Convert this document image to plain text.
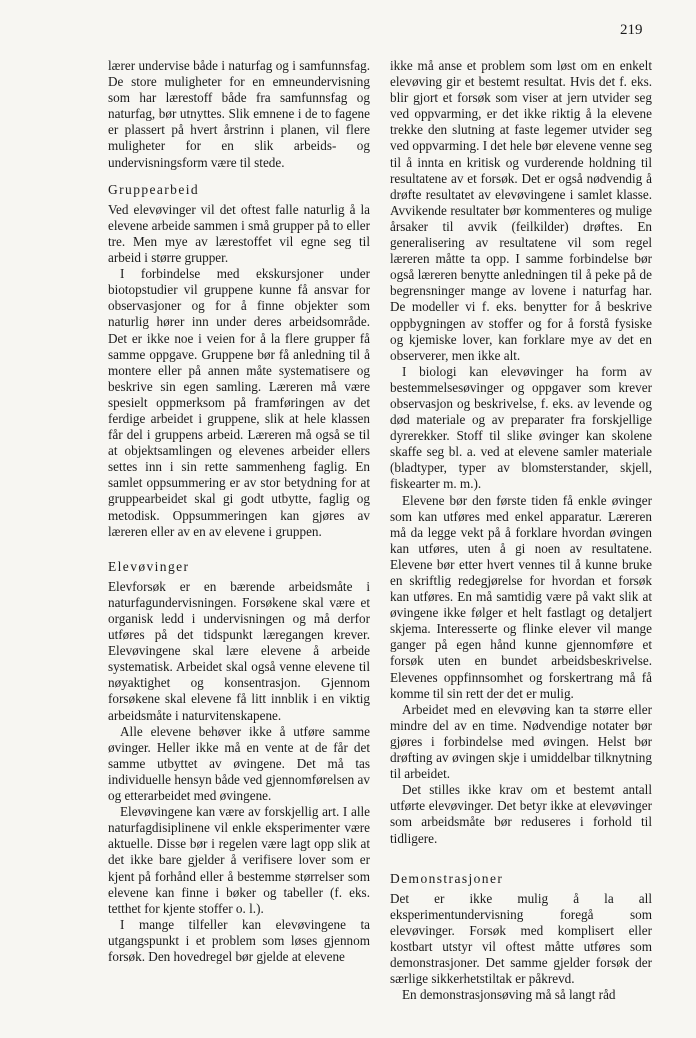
219

lærer undervise både i naturfag og i samfunnsfag. De store muligheter for en emneundervisning som har lærestoff både fra samfunnsfag og naturfag, bør utnyttes. Slik emnene i de to fagene er plassert på hvert årstrinn i planen, vil flere muligheter for en slik arbeids- og undervisningsform være til stede.

Gruppearbeid

Ved elevøvinger vil det oftest falle naturlig å la elevene arbeide sammen i små grupper på to eller tre. Men mye av lærestoffet vil egne seg til arbeid i større grupper.

I forbindelse med ekskursjoner under biotopstudier vil gruppene kunne få ansvar for observasjoner og for å finne objekter som naturlig hører inn under deres arbeidsområde. Det er ikke noe i veien for å la flere grupper få samme oppgave. Gruppene bør få anledning til å montere eller på annen måte systematisere og beskrive sin egen samling. Læreren må være spesielt oppmerksom på framføringen av det ferdige arbeidet i gruppene, slik at hele klassen får del i gruppens arbeid. Læreren må også se til at objektsamlingen og elevenes arbeider ellers settes inn i sin rette sammenheng faglig. En samlet oppsummering er av stor betydning for at gruppearbeidet skal gi godt utbytte, faglig og metodisk. Oppsummeringen kan gjøres av læreren eller av en av elevene i gruppen.

Elevøvinger

Elevforsøk er en bærende arbeidsmåte i naturfagundervisningen. Forsøkene skal være et organisk ledd i undervisningen og må derfor utføres på det tidspunkt læregangen krever. Elevøvingene skal lære elevene å arbeide systematisk. Arbeidet skal også venne elevene til nøyaktighet og konsentrasjon. Gjennom forsøkene skal elevene få litt innblik i en viktig arbeidsmåte i naturvitenskapene.

Alle elevene behøver ikke å utføre samme øvinger. Heller ikke må en vente at de får det samme utbyttet av øvingene. Det må tas individuelle hensyn både ved gjennomførelsen av og etterarbeidet med øvingene.

Elevøvingene kan være av forskjellig art. I alle naturfagdisiplinene vil enkle eksperimenter være aktuelle. Disse bør i regelen være lagt opp slik at det ikke bare gjelder å verifisere lover som er kjent på forhånd eller å bestemme størrelser som elevene kan finne i bøker og tabeller (f. eks. tetthet for kjente stoffer o. l.).

I mange tilfeller kan elevøvingene ta utgangspunkt i et problem som løses gjennom forsøk. Den hovedregel bør gjelde at elevene

ikke må anse et problem som løst om en enkelt elevøving gir et bestemt resultat. Hvis det f. eks. blir gjort et forsøk som viser at jern utvider seg ved oppvarming, er det ikke riktig å la elevene trekke den slutning at faste legemer utvider seg ved oppvarming. I det hele bør elevene venne seg til å innta en kritisk og vurderende holdning til resultatene av et forsøk. Det er også nødvendig å drøfte resultatet av elevøvingene i samlet klasse. Avvikende resultater bør kommenteres og mulige årsaker til avvik (feilkilder) drøftes. En generalisering av resultatene vil som regel læreren måtte ta opp. I samme forbindelse bør også læreren benytte anledningen til å peke på de begrensninger mange av lovene i naturfag har. De modeller vi f. eks. benytter for å beskrive oppbygningen av stoffer og for å forstå fysiske og kjemiske lover, kan forklare mye av det en observerer, men ikke alt.

I biologi kan elevøvinger ha form av bestemmelsesøvinger og oppgaver som krever observasjon og beskrivelse, f. eks. av levende og død materiale og av preparater fra forskjellige dyrerekker. Stoff til slike øvinger kan skolene skaffe seg bl. a. ved at elevene samler materiale (bladtyper, typer av blomsterstander, skjell, fiskearter m. m.).

Elevene bør den første tiden få enkle øvinger som kan utføres med enkel apparatur. Læreren må da legge vekt på å forklare hvordan øvingen kan utføres, uten å gi noen av resultatene. Elevene bør etter hvert vennes til å kunne bruke en skriftlig redegjørelse for hvordan et forsøk kan utføres. En må samtidig være på vakt slik at øvingene ikke følger et helt fastlagt og detaljert skjema. Interesserte og flinke elever vil mange ganger på egen hånd kunne gjennomføre et forsøk uten en bundet arbeidsbeskrivelse. Elevenes oppfinnsomhet og forskertrang må få komme til sin rett der det er mulig.

Arbeidet med en elevøving kan ta større eller mindre del av en time. Nødvendige notater bør gjøres i forbindelse med øvingen. Helst bør drøfting av øvingen skje i umiddelbar tilknytning til arbeidet.

Det stilles ikke krav om et bestemt antall utførte elevøvinger. Det betyr ikke at elevøvinger som arbeidsmåte bør reduseres i forhold til tidligere.

Demonstrasjoner

Det er ikke mulig å la all eksperimentundervisning foregå som elevøvinger. Forsøk med komplisert eller kostbart utstyr vil oftest måtte utføres som demonstrasjoner. Det samme gjelder forsøk der særlige sikkerhetstiltak er påkrevd.

En demonstrasjonsøving må så langt råd
